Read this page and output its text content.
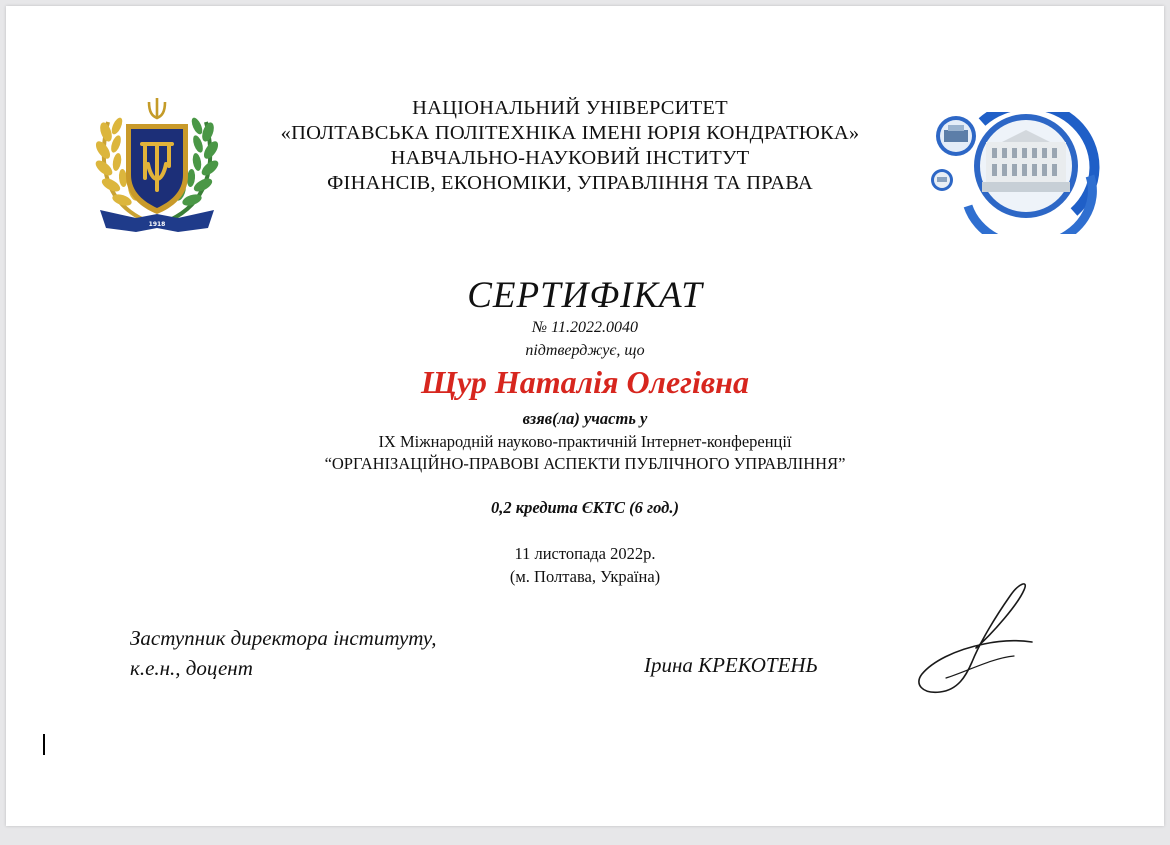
1918
НАЦІОНАЛЬНИЙ УНІВЕРСИТЕТ
«ПОЛТАВСЬКА ПОЛІТЕХНІКА ІМЕНІ ЮРІЯ КОНДРАТЮКА»
НАВЧАЛЬНО-НАУКОВИЙ ІНСТИТУТ
ФІНАНСІВ, ЕКОНОМІКИ, УПРАВЛІННЯ ТА ПРАВА
СЕРТИФІКАТ
№ 11.2022.0040
підтверджує, що
Щур Наталія Олегівна
взяв(ла) участь у
IX Міжнародній науково-практичній Інтернет-конференції
“ОРГАНІЗАЦІЙНО-ПРАВОВІ АСПЕКТИ ПУБЛІЧНОГО УПРАВЛІННЯ”
0,2 кредита ЄКТС (6 год.)
11 листопада 2022р.
(м. Полтава, Україна)
Заступник директора інституту,
к.е.н., доцент	Ірина КРЕКОТЕНЬ
